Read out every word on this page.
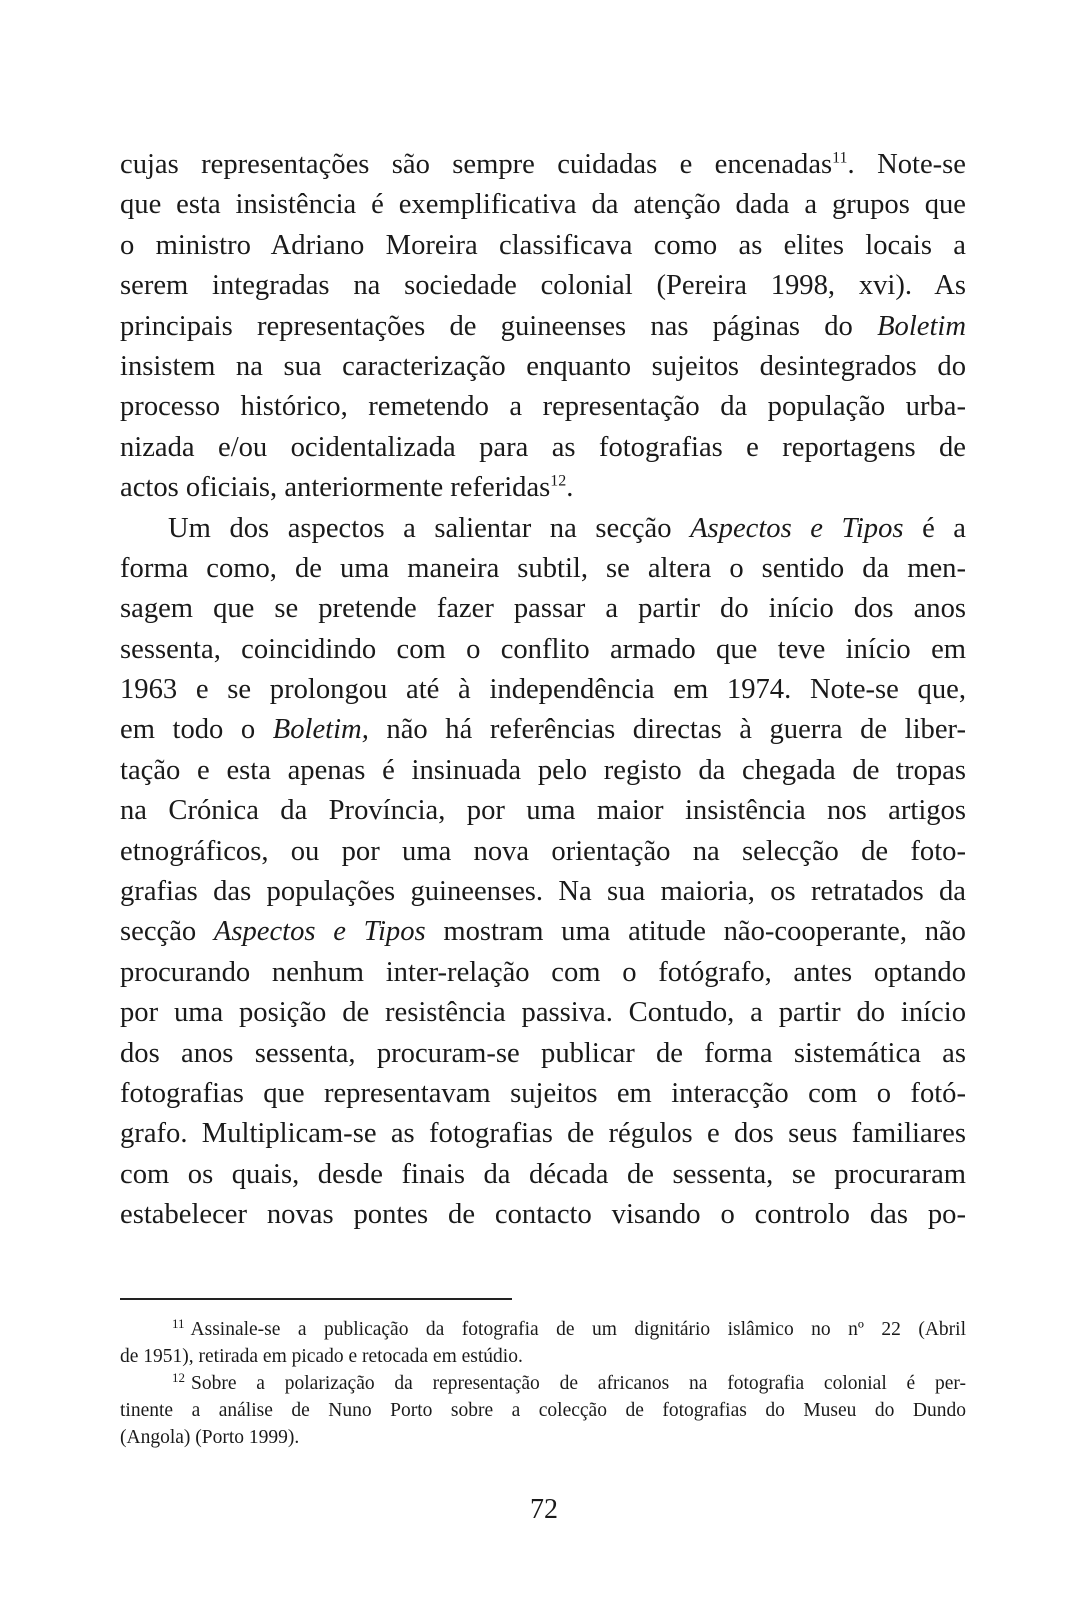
cujas representações são sempre cuidadas e encenadas$^{11}$. Note-se
que esta insistência é exemplificativa da atenção dada a grupos que
o ministro Adriano Moreira classificava como as elites locais a
serem integradas na sociedade colonial (Pereira 1998, xvi). As
principais representações de guineenses nas páginas do Boletim
insistem na sua caracterização enquanto sujeitos desintegrados do
processo histórico, remetendo a representação da população urba-
nizada e/ou ocidentalizada para as fotografias e reportagens de
actos oficiais, anteriormente referidas$^{12}$.
Um dos aspectos a salientar na secção Aspectos e Tipos é a
forma como, de uma maneira subtil, se altera o sentido da men-
sagem que se pretende fazer passar a partir do início dos anos
sessenta, coincidindo com o conflito armado que teve início em
1963 e se prolongou até à independência em 1974. Note-se que,
em todo o Boletim, não há referências directas à guerra de liber-
tação e esta apenas é insinuada pelo registo da chegada de tropas
na Crónica da Província, por uma maior insistência nos artigos
etnográficos, ou por uma nova orientação na selecção de foto-
grafias das populações guineenses. Na sua maioria, os retratados da
secção Aspectos e Tipos mostram uma atitude não-cooperante, não
procurando nenhum inter-relação com o fotógrafo, antes optando
por uma posição de resistência passiva. Contudo, a partir do início
dos anos sessenta, procuram-se publicar de forma sistemática as
fotografias que representavam sujeitos em interacção com o fotó-
grafo. Multiplicam-se as fotografias de régulos e dos seus familiares
com os quais, desde finais da década de sessenta, se procuraram
estabelecer novas pontes de contacto visando o controlo das po-
$^{11}$ Assinale-se a publicação da fotografia de um dignitário islâmico no nº 22 (Abril
de 1951), retirada em picado e retocada em estúdio.
$^{12}$ Sobre a polarização da representação de africanos na fotografia colonial é per-
tinente a análise de Nuno Porto sobre a colecção de fotografias do Museu do Dundo
(Angola) (Porto 1999).
72
